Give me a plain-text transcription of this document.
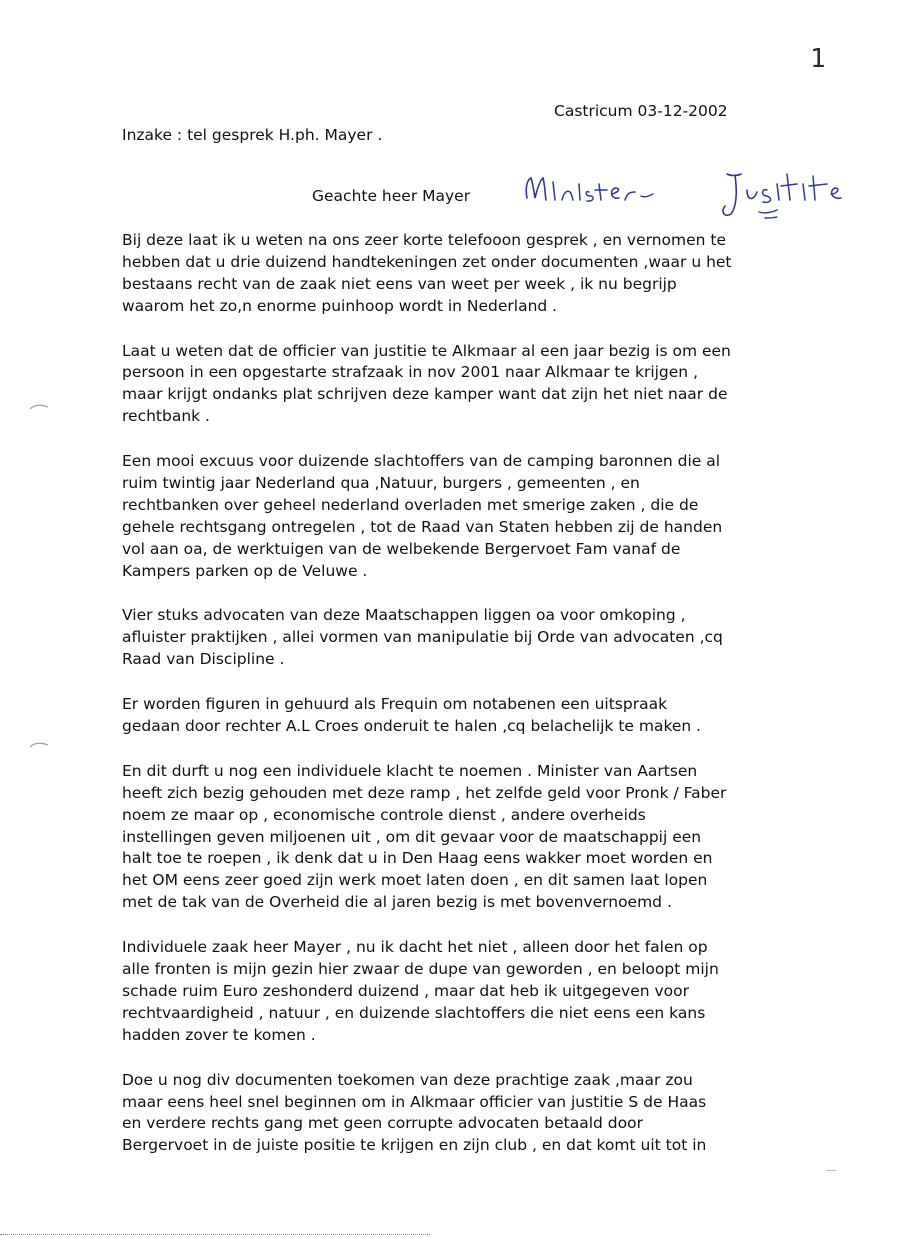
1
Castricum 03-12-2002
Inzake : tel gesprek H.ph. Mayer .
Geachte heer Mayer
Bij deze laat ik u weten na ons zeer korte telefooon gesprek , en vernomen te
hebben dat u drie duizend handtekeningen zet onder documenten ,waar u het
bestaans recht van de zaak niet eens van weet per week , ik nu begrijp
waarom het zo,n enorme puinhoop wordt in Nederland .
Laat u weten dat de officier van justitie te Alkmaar al een jaar bezig is om een
persoon in een opgestarte strafzaak in nov 2001 naar Alkmaar te krijgen ,
maar krijgt ondanks plat schrijven deze kamper want dat zijn het niet naar de
rechtbank .
Een mooi excuus voor duizende slachtoffers van de camping baronnen die al
ruim twintig jaar Nederland qua ,Natuur, burgers , gemeenten , en
rechtbanken over geheel nederland overladen met smerige zaken , die de
gehele rechtsgang ontregelen , tot de Raad van Staten hebben zij de handen
vol aan oa, de werktuigen van de welbekende Bergervoet Fam vanaf de
Kampers parken op de Veluwe .
Vier stuks advocaten van deze Maatschappen liggen oa voor omkoping ,
afluister praktijken , allei vormen van manipulatie bij Orde van advocaten ,cq
Raad van Discipline .
Er worden figuren in gehuurd als Frequin om notabenen een uitspraak
gedaan door rechter A.L Croes onderuit te halen ,cq belachelijk te maken .
En dit durft u nog een individuele klacht te noemen . Minister van Aartsen
heeft zich bezig gehouden met deze ramp , het zelfde geld voor Pronk / Faber
noem ze maar op , economische controle dienst , andere overheids
instellingen geven miljoenen uit , om dit gevaar voor de maatschappij een
halt toe te roepen , ik denk dat u in Den Haag eens wakker moet worden en
het OM eens zeer goed zijn werk moet laten doen , en dit samen laat lopen
met de tak van de Overheid die al jaren bezig is met bovenvernoemd .
Individuele zaak heer Mayer , nu ik dacht het niet , alleen door het falen op
alle fronten is mijn gezin hier zwaar de dupe van geworden , en beloopt mijn
schade ruim Euro zeshonderd duizend , maar dat heb ik uitgegeven voor
rechtvaardigheid , natuur , en duizende slachtoffers die niet eens een kans
hadden zover te komen .
Doe u nog div documenten toekomen van deze prachtige zaak ,maar zou
maar eens heel snel beginnen om in Alkmaar officier van justitie S de Haas
en verdere rechts gang met geen corrupte advocaten betaald door
Bergervoet in de juiste positie te krijgen en zijn club , en dat komt uit tot in
